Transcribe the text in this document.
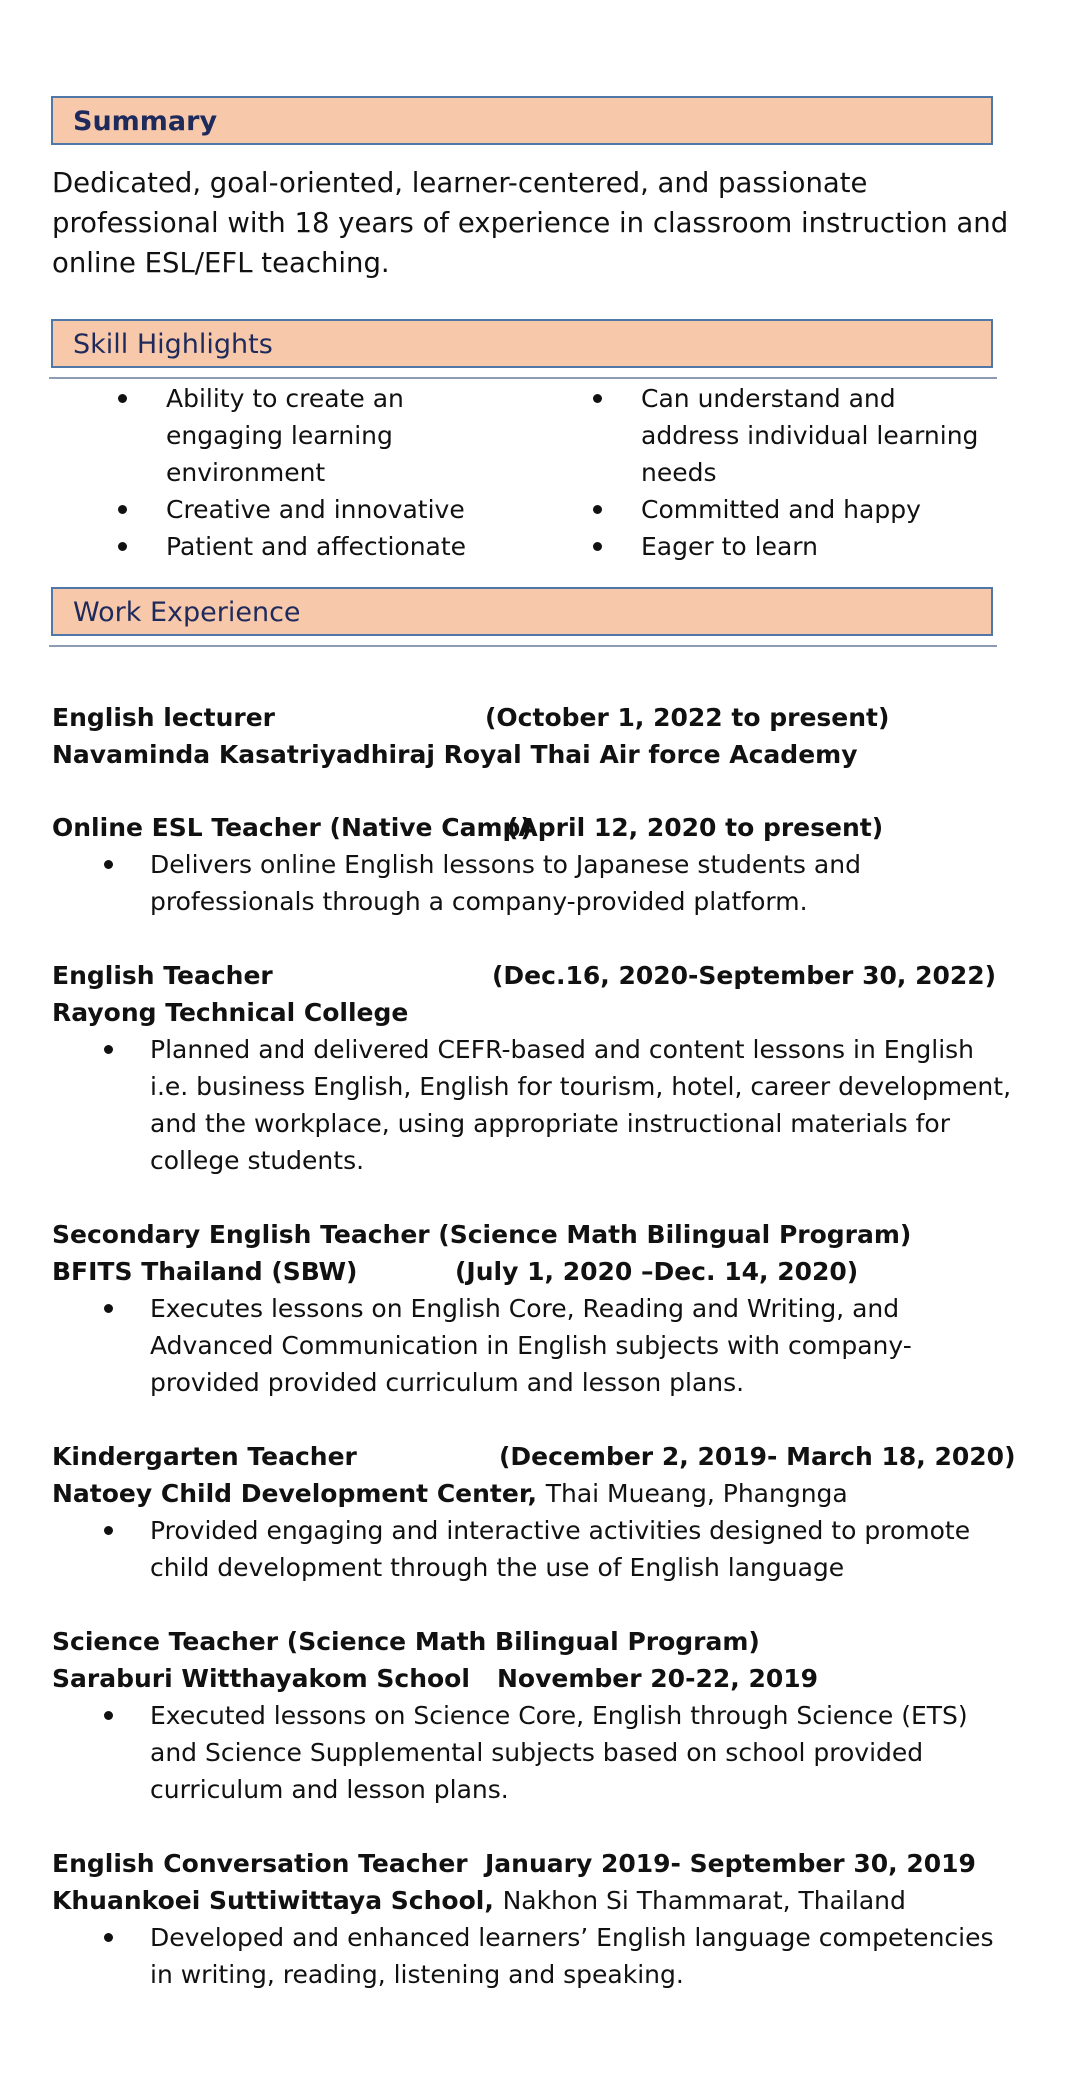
Summary

Dedicated, goal-oriented, learner-centered, and passionate professional with 18 years of experience in classroom instruction and online ESL/EFL teaching.

Skill Highlights
Ability to create an engaging learning environment
Creative and innovative
Patient and affectionate
Can understand and address individual learning needs
Committed and happy
Eager to learn
Work Experience
English lecturer	(October 1, 2022 to present)
Navaminda Kasatriyadhiraj Royal Thai Air force Academy
Online ESL Teacher (Native Camp)
(April 12, 2020 to present)
Delivers online English lessons to Japanese students and professionals through a company-provided platform.
English Teacher	(Dec.16, 2020-September 30, 2022)
Rayong Technical College
Planned and delivered CEFR-based and content lessons in English i.e. business English, English for tourism, hotel, career development, and the workplace, using appropriate instructional materials for college students.
Secondary English Teacher (Science Math Bilingual Program)
BFITS Thailand (SBW)	(July 1, 2020 –Dec. 14, 2020)
Executes lessons on English Core, Reading and Writing, and Advanced Communication in English subjects with company-provided provided curriculum and lesson plans.
Kindergarten Teacher	(December 2, 2019- March 18, 2020)
Natoey Child Development Center, Thai Mueang, Phangnga
Provided engaging and interactive activities designed to promote child development through the use of English language
Science Teacher (Science Math Bilingual Program)
Saraburi Witthayakom School November 20-22, 2019
Executed lessons on Science Core, English through Science (ETS) and Science Supplemental subjects based on school provided curriculum and lesson plans.
English Conversation Teacher January 2019- September 30, 2019
Khuankoei Suttiwittaya School, Nakhon Si Thammarat, Thailand
Developed and enhanced learners’ English language competencies in writing, reading, listening and speaking.
